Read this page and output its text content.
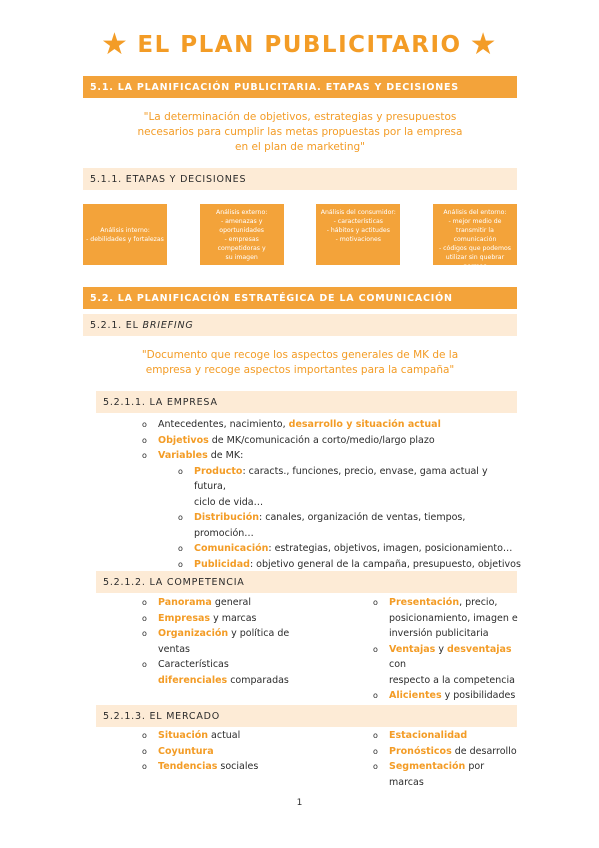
★ EL PLAN PUBLICITARIO ★
5.1. LA PLANIFICACIÓN PUBLICITARIA. ETAPAS Y DECISIONES
"La determinación de objetivos, estrategias y presupuestos
necesarios para cumplir las metas propuestas por la empresa
en el plan de marketing"
5.1.1. ETAPAS Y DECISIONES
Análisis interno:
- debilidades y fortalezas
Análisis externo:
- amenazas y
oportunidades
- empresas competidoras y
su imagen
Análisis del consumidor:
- características
- hábitos y actitudes
- motivaciones
Análisis del entorno:
- mejor medio de
transmitir la comunicación
- códigos que podemos
utilizar sin quebrar normas
5.2. LA PLANIFICACIÓN ESTRATÉGICA DE LA COMUNICACIÓN
5.2.1. EL BRIEFING
"Documento que recoge los aspectos generales de MK de la
empresa y recoge aspectos importantes para la campaña"
5.2.1.1. LA EMPRESA
o	Antecedentes, nacimiento, desarrollo y situación actual
o	Objetivos de MK/comunicación a corto/medio/largo plazo
o	Variables de MK:
o	Producto: caracts., funciones, precio, envase, gama actual y futura,
ciclo de vida…
o	Distribución: canales, organización de ventas, tiempos, promoción…
o	Comunicación: estrategias, objetivos, imagen, posicionamiento…
o	Publicidad: objetivo general de la campaña, presupuesto, objetivos

5.2.1.2. LA COMPETENCIA
o	Panorama general
o	Empresas y marcas
o	Organización y política de
ventas
o	Características
diferenciales comparadas
o	Presentación, precio,
posicionamiento, imagen e
inversión publicitaria
o	Ventajas y desventajas con
respecto a la competencia
o	Alicientes y posibilidades
5.2.1.3. EL MERCADO
o	Situación actual
o	Coyuntura
o	Tendencias sociales
o	Estacionalidad
o	Pronósticos de desarrollo
o	Segmentación por marcas
1
